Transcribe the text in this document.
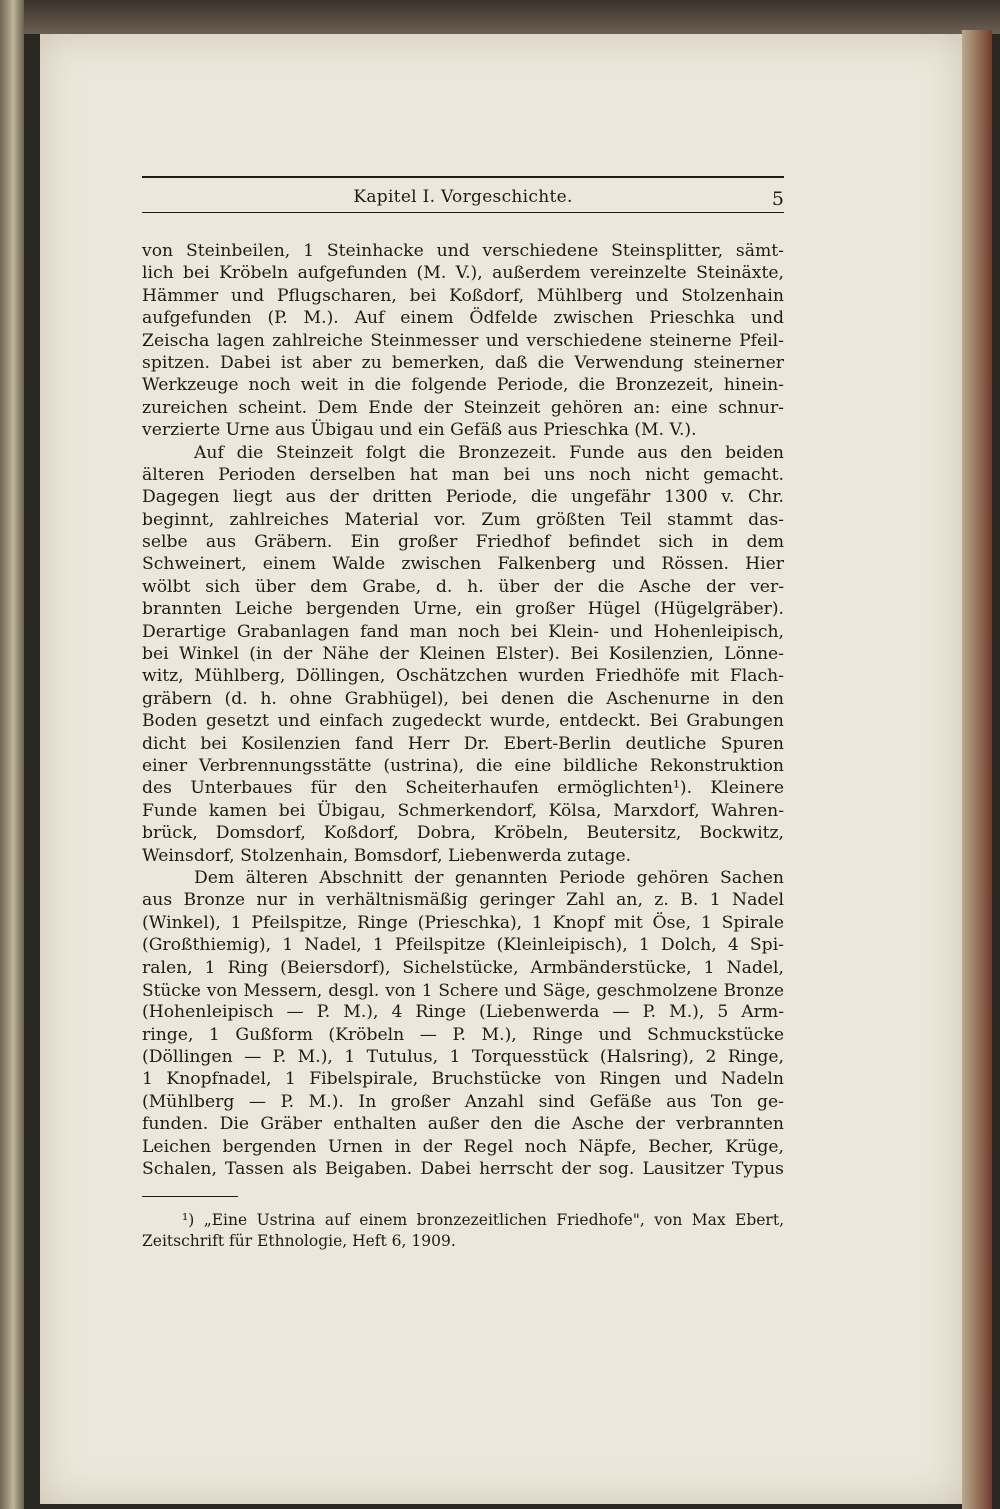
Kapitel I. Vorgeschichte.	5
von Steinbeilen, 1 Steinhacke und verschiedene Steinsplitter, sämt-
lich bei Kröbeln aufgefunden (M. V.), außerdem vereinzelte Steinäxte,
Hämmer und Pflugscharen, bei Koßdorf, Mühlberg und Stolzenhain
aufgefunden (P. M.). Auf einem Ödfelde zwischen Prieschka und
Zeischa lagen zahlreiche Steinmesser und verschiedene steinerne Pfeil-
spitzen. Dabei ist aber zu bemerken, daß die Verwendung steinerner
Werkzeuge noch weit in die folgende Periode, die Bronzezeit, hinein-
zureichen scheint. Dem Ende der Steinzeit gehören an: eine schnur-
verzierte Urne aus Übigau und ein Gefäß aus Prieschka (M. V.).
Auf die Steinzeit folgt die Bronzezeit. Funde aus den beiden
älteren Perioden derselben hat man bei uns noch nicht gemacht.
Dagegen liegt aus der dritten Periode, die ungefähr 1300 v. Chr.
beginnt, zahlreiches Material vor. Zum größten Teil stammt das-
selbe aus Gräbern. Ein großer Friedhof befindet sich in dem
Schweinert, einem Walde zwischen Falkenberg und Rössen. Hier
wölbt sich über dem Grabe, d. h. über der die Asche der ver-
brannten Leiche bergenden Urne, ein großer Hügel (Hügelgräber).
Derartige Grabanlagen fand man noch bei Klein- und Hohenleipisch,
bei Winkel (in der Nähe der Kleinen Elster). Bei Kosilenzien, Lönne-
witz, Mühlberg, Döllingen, Oschätzchen wurden Friedhöfe mit Flach-
gräbern (d. h. ohne Grabhügel), bei denen die Aschenurne in den
Boden gesetzt und einfach zugedeckt wurde, entdeckt. Bei Grabungen
dicht bei Kosilenzien fand Herr Dr. Ebert-Berlin deutliche Spuren
einer Verbrennungsstätte (ustrina), die eine bildliche Rekonstruktion
des Unterbaues für den Scheiterhaufen ermöglichten¹). Kleinere
Funde kamen bei Übigau, Schmerkendorf, Kölsa, Marxdorf, Wahren-
brück, Domsdorf, Koßdorf, Dobra, Kröbeln, Beutersitz, Bockwitz,
Weinsdorf, Stolzenhain, Bomsdorf, Liebenwerda zutage.
Dem älteren Abschnitt der genannten Periode gehören Sachen
aus Bronze nur in verhältnismäßig geringer Zahl an, z. B. 1 Nadel
(Winkel), 1 Pfeilspitze, Ringe (Prieschka), 1 Knopf mit Öse, 1 Spirale
(Großthiemig), 1 Nadel, 1 Pfeilspitze (Kleinleipisch), 1 Dolch, 4 Spi-
ralen, 1 Ring (Beiersdorf), Sichelstücke, Armbänderstücke, 1 Nadel,
Stücke von Messern, desgl. von 1 Schere und Säge, geschmolzene Bronze
(Hohenleipisch — P. M.), 4 Ringe (Liebenwerda — P. M.), 5 Arm-
ringe, 1 Gußform (Kröbeln — P. M.), Ringe und Schmuckstücke
(Döllingen — P. M.), 1 Tutulus, 1 Torquesstück (Halsring), 2 Ringe,
1 Knopfnadel, 1 Fibelspirale, Bruchstücke von Ringen und Nadeln
(Mühlberg — P. M.). In großer Anzahl sind Gefäße aus Ton ge-
funden. Die Gräber enthalten außer den die Asche der verbrannten
Leichen bergenden Urnen in der Regel noch Näpfe, Becher, Krüge,
Schalen, Tassen als Beigaben. Dabei herrscht der sog. Lausitzer Typus
¹) „Eine Ustrina auf einem bronzezeitlichen Friedhofe", von Max Ebert,
Zeitschrift für Ethnologie, Heft 6, 1909.
